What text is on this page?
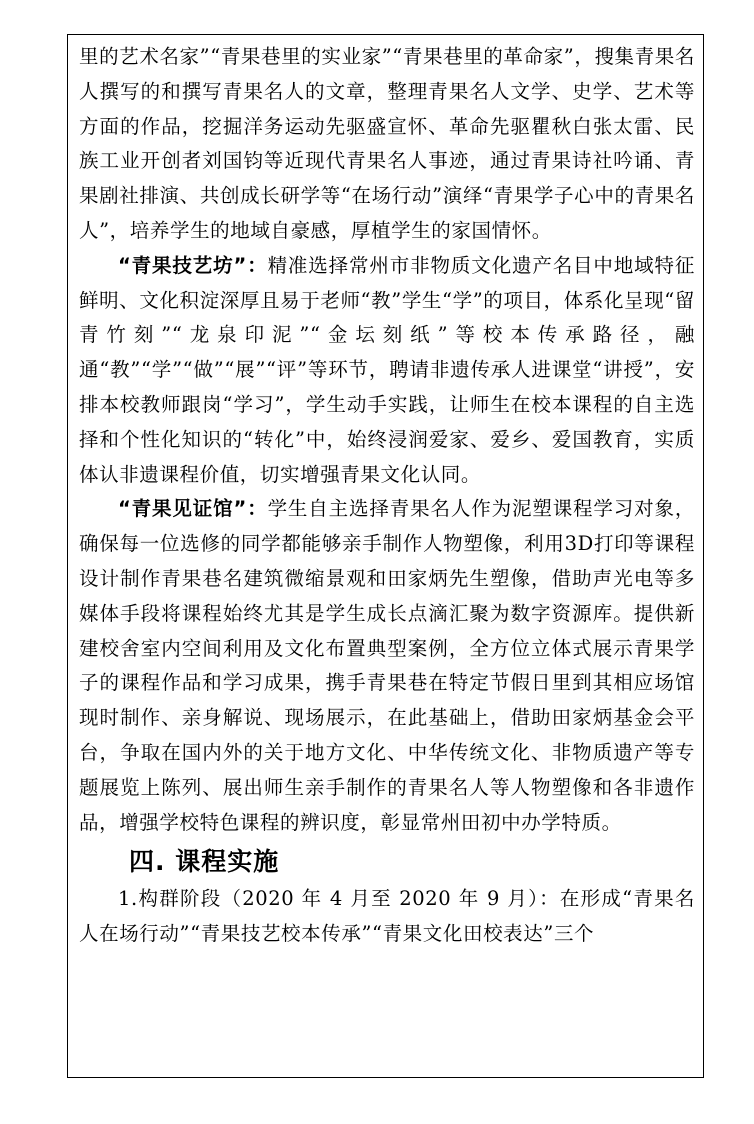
里的艺术名家”“青果巷里的实业家”“青果巷里的革命家”，搜集青果名人撰写的和撰写青果名人的文章，整理青果名人文学、史学、艺术等方面的作品，挖掘洋务运动先驱盛宣怀、革命先驱瞿秋白张太雷、民族工业开创者刘国钧等近现代青果名人事迹，通过青果诗社吟诵、青果剧社排演、共创成长研学等“在场行动”演绎“青果学子心中的青果名人”，培养学生的地域自豪感，厚植学生的家国情怀。

“青果技艺坊”：精准选择常州市非物质文化遗产名目中地域特征鲜明、文化积淀深厚且易于老师“教”学生“学”的项目，体系化呈现“留青竹刻”“龙泉印泥”“金坛刻纸”等校本传承路径，融通“教”“学”“做”“展”“评”等环节，聘请非遗传承人进课堂“讲授”，安排本校教师跟岗“学习”，学生动手实践，让师生在校本课程的自主选择和个性化知识的“转化”中，始终浸润爱家、爱乡、爱国教育，实质体认非遗课程价值，切实增强青果文化认同。

“青果见证馆”：学生自主选择青果名人作为泥塑课程学习对象，确保每一位选修的同学都能够亲手制作人物塑像，利用3D打印等课程设计制作青果巷名建筑微缩景观和田家炳先生塑像，借助声光电等多媒体手段将课程始终尤其是学生成长点滴汇聚为数字资源库。提供新建校舍室内空间利用及文化布置典型案例，全方位立体式展示青果学子的课程作品和学习成果，携手青果巷在特定节假日里到其相应场馆现时制作、亲身解说、现场展示，在此基础上，借助田家炳基金会平台，争取在国内外的关于地方文化、中华传统文化、非物质遗产等专题展览上陈列、展出师生亲手制作的青果名人等人物塑像和各非遗作品，增强学校特色课程的辨识度，彰显常州田初中办学特质。

四. 课程实施

1.构群阶段（2020 年 4 月至 2020 年 9 月）：在形成“青果名人在场行动”“青果技艺校本传承”“青果文化田校表达”三个
